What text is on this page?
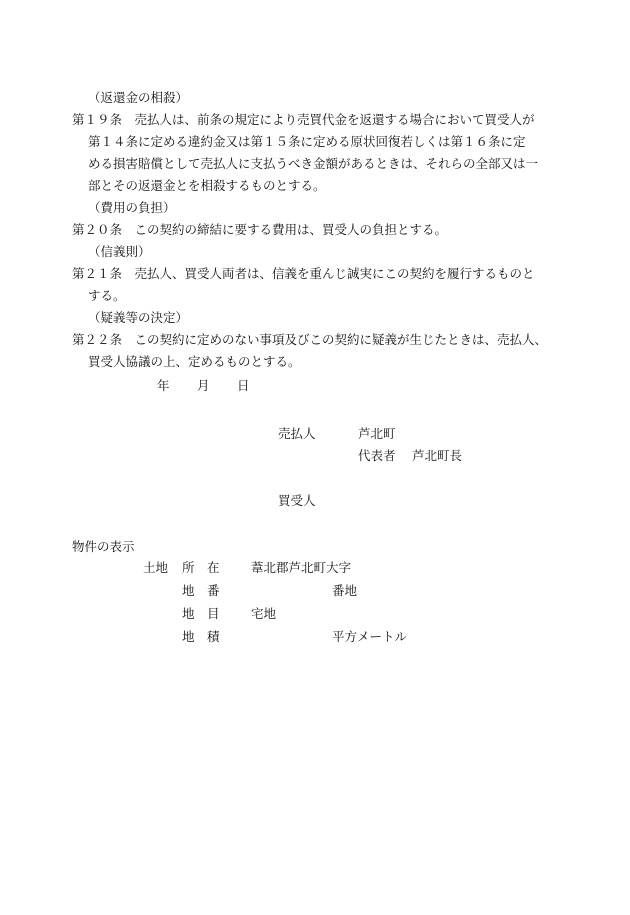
（返還金の相殺）
第１９条　売払人は、前条の規定により売買代金を返還する場合において買受人が
第１４条に定める違約金又は第１５条に定める原状回復若しくは第１６条に定
める損害賠償として売払人に支払うべき金額があるときは、それらの全部又は一
部とその返還金とを相殺するものとする。
（費用の負担）
第２０条　この契約の締結に要する費用は、買受人の負担とする。
（信義則）
第２１条　売払人、買受人両者は、信義を重んじ誠実にこの契約を履行するものと
する。
（疑義等の決定）
第２２条　この契約に定めのない事項及びこの契約に疑義が生じたときは、売払人、
買受人協議の上、定めるものとする。
年 月 日
売払人	芦北町
代表者 芦北町長
買受人
物件の表示
土地 所　在	葦北郡芦北町大字
地　番	番地
地　目	宅地
地　積	平方メートル
